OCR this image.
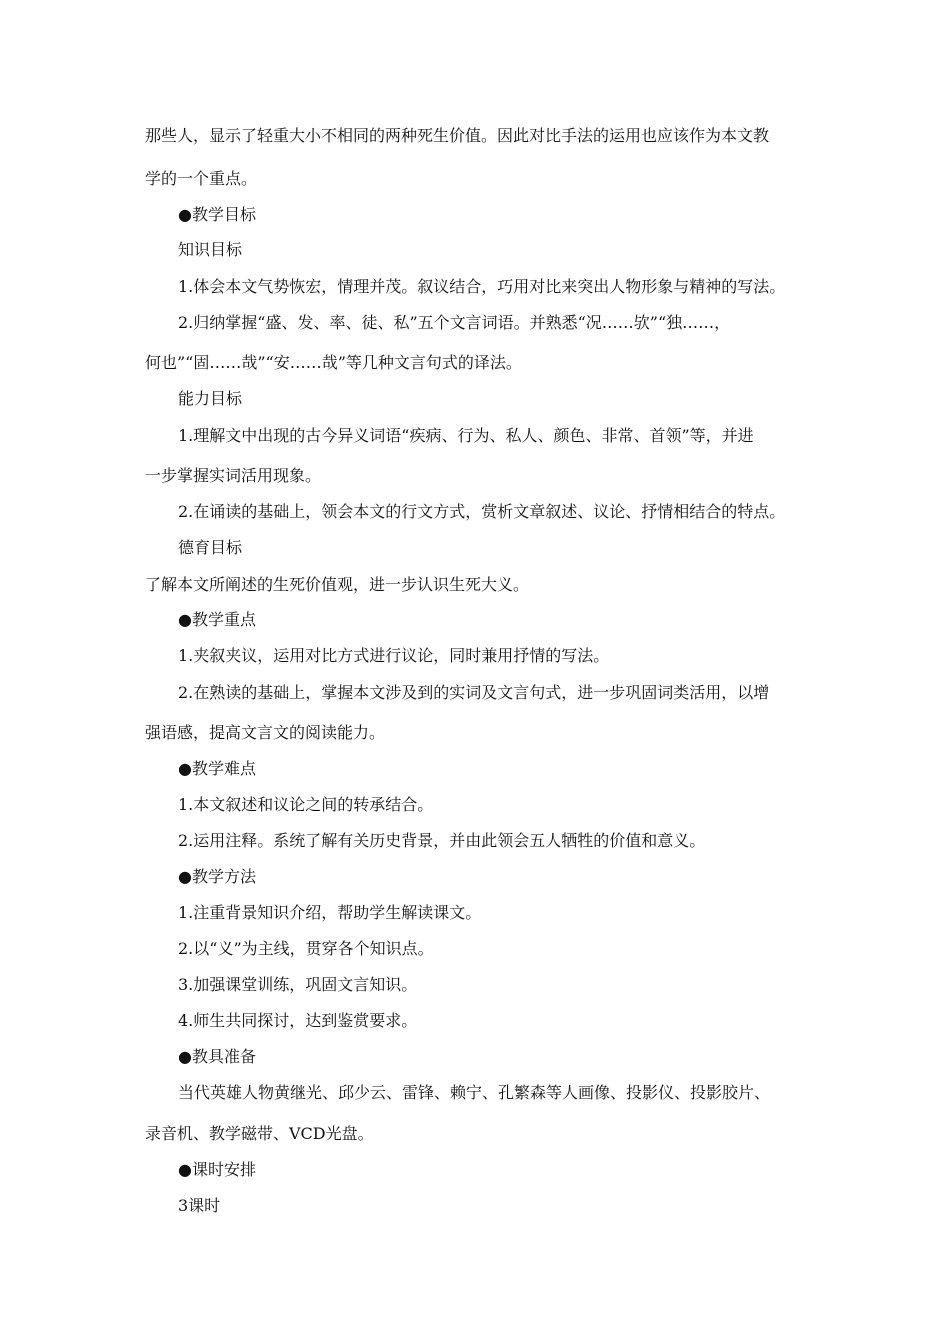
那些人，显示了轻重大小不相同的两种死生价值。因此对比手法的运用也应该作为本文教
学的一个重点。
●教学目标
知识目标
1.体会本文气势恢宏，情理并茂。叙议结合，巧用对比来突出人物形象与精神的写法。
2.归纳掌握“盛、发、率、徒、私”五个文言词语。并熟悉“况……欤”“独……，
何也”“固……哉”“安……哉”等几种文言句式的译法。
能力目标
1.理解文中出现的古今异义词语“疾病、行为、私人、颜色、非常、首领”等，并进
一步掌握实词活用现象。
2.在诵读的基础上，领会本文的行文方式，赏析文章叙述、议论、抒情相结合的特点。
德育目标
了解本文所阐述的生死价值观，进一步认识生死大义。
●教学重点
1.夹叙夹议，运用对比方式进行议论，同时兼用抒情的写法。
2.在熟读的基础上，掌握本文涉及到的实词及文言句式，进一步巩固词类活用，以增
强语感，提高文言文的阅读能力。
●教学难点
1.本文叙述和议论之间的转承结合。
2.运用注释。系统了解有关历史背景，并由此领会五人牺牲的价值和意义。
●教学方法
1.注重背景知识介绍，帮助学生解读课文。
2.以“义”为主线，贯穿各个知识点。
3.加强课堂训练，巩固文言知识。
4.师生共同探讨，达到鉴赏要求。
●教具准备
当代英雄人物黄继光、邱少云、雷锋、赖宁、孔繁森等人画像、投影仪、投影胶片、
录音机、教学磁带、VCD光盘。
●课时安排
3课时
